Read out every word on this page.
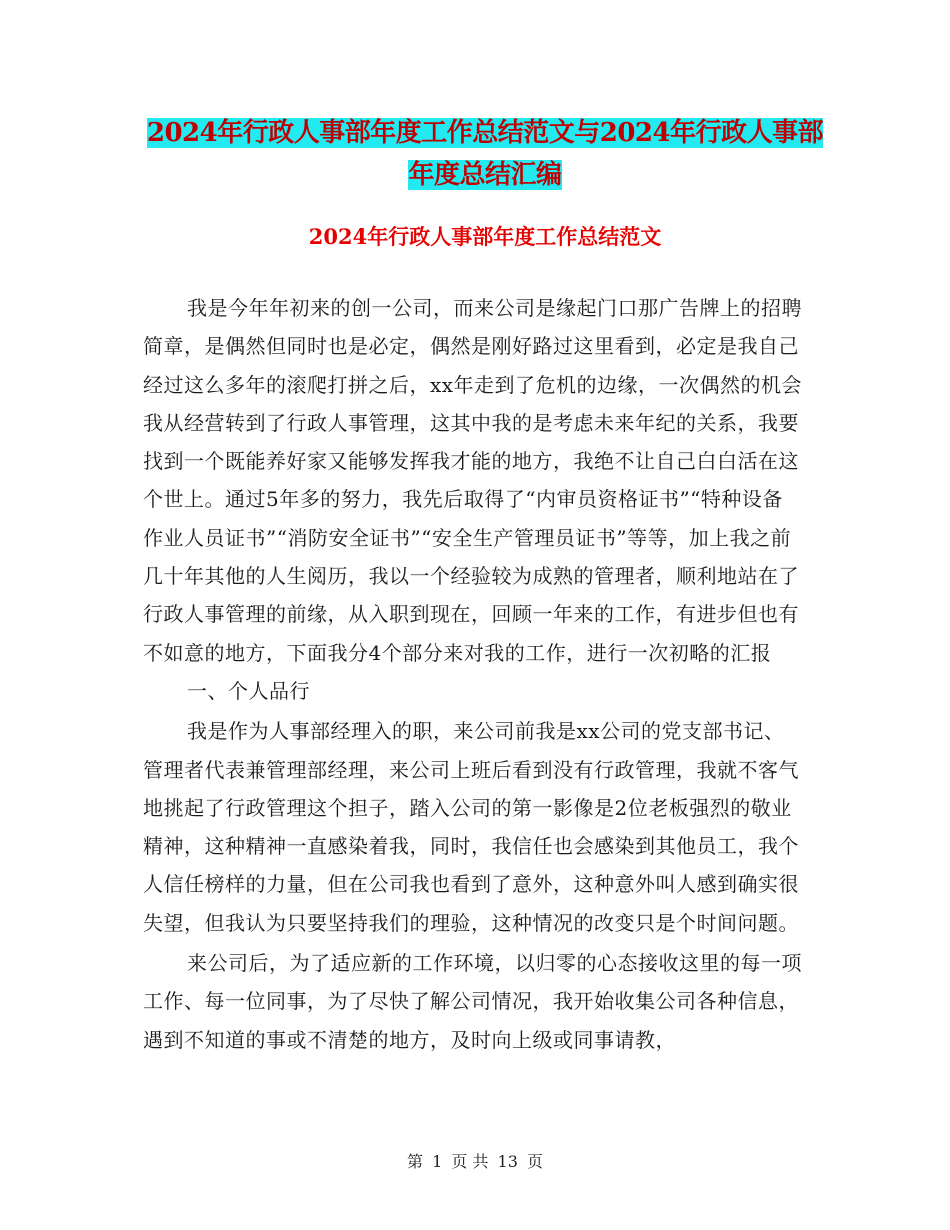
2024年行政人事部年度工作总结范文与2024年行政人事部年度总结汇编
2024年行政人事部年度工作总结范文

我是今年年初来的创一公司，而来公司是缘起门口那广告牌上的招聘简章，是偶然但同时也是必定，偶然是刚好路过这里看到，必定是我自己经过这么多年的滚爬打拼之后，xx年走到了危机的边缘，一次偶然的机会我从经营转到了行政人事管理，这其中我的是考虑未来年纪的关系，我要找到一个既能养好家又能够发挥我才能的地方，我绝不让自己白白活在这个世上。通过5年多的努力，我先后取得了“内审员资格证书”“特种设备作业人员证书”“消防安全证书”“安全生产管理员证书”等等，加上我之前几十年其他的人生阅历，我以一个经验较为成熟的管理者，顺利地站在了行政人事管理的前缘，从入职到现在，回顾一年来的工作，有进步但也有不如意的地方，下面我分4个部分来对我的工作，进行一次初略的汇报

一、个人品行

我是作为人事部经理入的职，来公司前我是xx公司的党支部书记、管理者代表兼管理部经理，来公司上班后看到没有行政管理，我就不客气地挑起了行政管理这个担子，踏入公司的第一影像是2位老板强烈的敬业精神，这种精神一直感染着我，同时，我信任也会感染到其他员工，我个人信任榜样的力量，但在公司我也看到了意外，这种意外叫人感到确实很失望，但我认为只要坚持我们的理验，这种情况的改变只是个时间问题。

来公司后，为了适应新的工作环境，以归零的心态接收这里的每一项工作、每一位同事，为了尽快了解公司情况，我开始收集公司各种信息，遇到不知道的事或不清楚的地方，及时向上级或同事请教，

第 1 页 共 13 页
